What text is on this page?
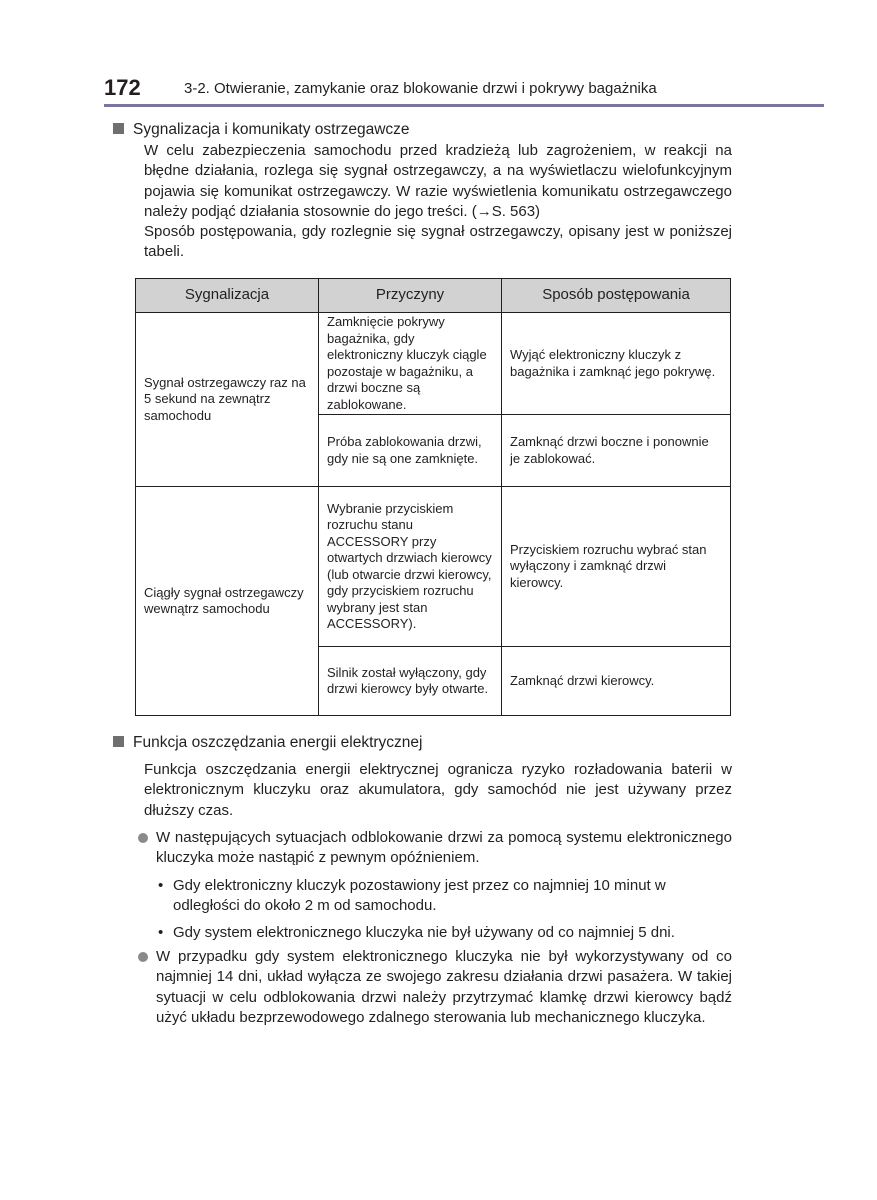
172	3-2. Otwieranie, zamykanie oraz blokowanie drzwi i pokrywy bagażnika
Sygnalizacja i komunikaty ostrzegawcze
W celu zabezpieczenia samochodu przed kradzieżą lub zagrożeniem, w reakcji na błędne działania, rozlega się sygnał ostrzegawczy, a na wyświetlaczu wielofunkcyjnym pojawia się komunikat ostrzegawczy. W razie wyświetlenia komunikatu ostrzegawczego należy podjąć działania stosownie do jego treści. (→S. 563)
Sposób postępowania, gdy rozlegnie się sygnał ostrzegawczy, opisany jest w poniższej tabeli.
Sygnalizacja	Przyczyny	Sposób postępowania
Sygnał ostrzegawczy raz na 5 sekund na zewnątrz samochodu	Zamknięcie pokrywy bagażnika, gdy elektroniczny kluczyk ciągle pozostaje w bagażniku, a drzwi boczne są zablokowane.	Wyjąć elektroniczny kluczyk z bagażnika i zamknąć jego pokrywę.
	Próba zablokowania drzwi, gdy nie są one zamknięte.	Zamknąć drzwi boczne i ponownie je zablokować.
Ciągły sygnał ostrzegawczy wewnątrz samochodu	Wybranie przyciskiem rozruchu stanu ACCESSORY przy otwartych drzwiach kierowcy (lub otwarcie drzwi kierowcy, gdy przyciskiem rozruchu wybrany jest stan ACCESSORY).	Przyciskiem rozruchu wybrać stan wyłączony i zamknąć drzwi kierowcy.
	Silnik został wyłączony, gdy drzwi kierowcy były otwarte.	Zamknąć drzwi kierowcy.
Funkcja oszczędzania energii elektrycznej
Funkcja oszczędzania energii elektrycznej ogranicza ryzyko rozładowania baterii w elektronicznym kluczyku oraz akumulatora, gdy samochód nie jest używany przez dłuższy czas.
W następujących sytuacjach odblokowanie drzwi za pomocą systemu elektronicznego kluczyka może nastąpić z pewnym opóźnieniem.
• Gdy elektroniczny kluczyk pozostawiony jest przez co najmniej 10 minut w odległości do około 2 m od samochodu.
• Gdy system elektronicznego kluczyka nie był używany od co najmniej 5 dni.
W przypadku gdy system elektronicznego kluczyka nie był wykorzystywany od co najmniej 14 dni, układ wyłącza ze swojego zakresu działania drzwi pasażera. W takiej sytuacji w celu odblokowania drzwi należy przytrzymać klamkę drzwi kierowcy bądź użyć układu bezprzewodowego zdalnego sterowania lub mechanicznego kluczyka.
